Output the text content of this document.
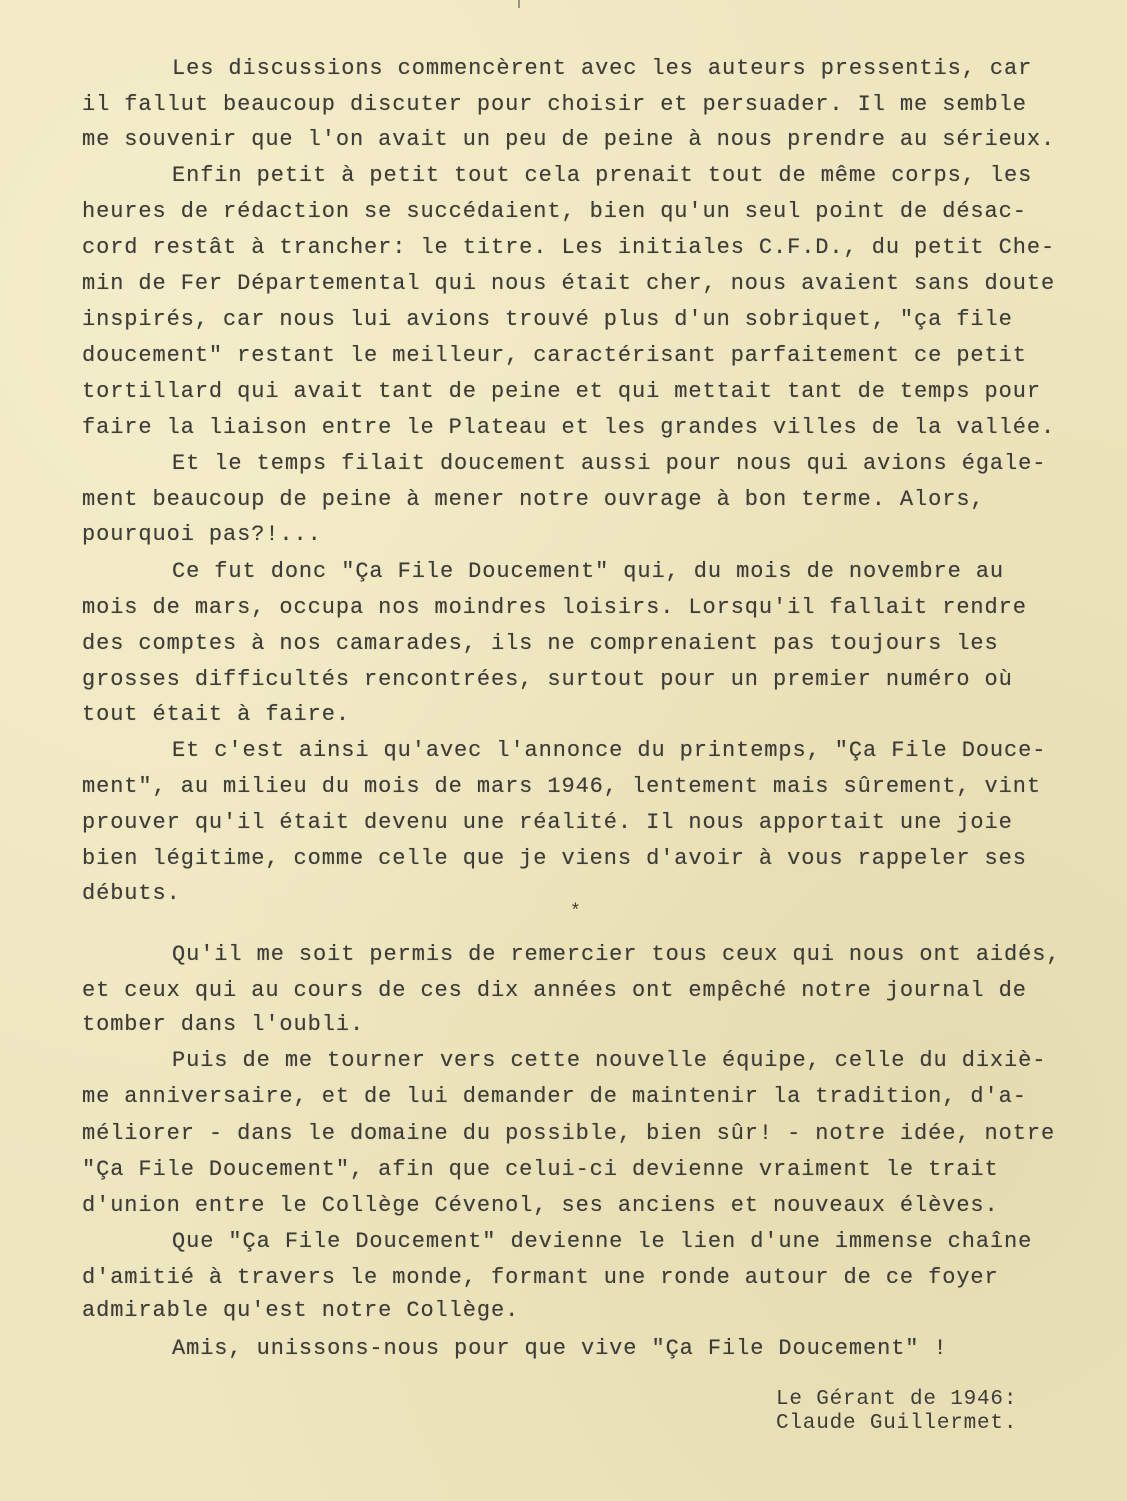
Les discussions commencèrent avec les auteurs pressentis, car
il fallut beaucoup discuter pour choisir et persuader. Il me semble
me souvenir que l'on avait un peu de peine à nous prendre au sérieux.
Enfin petit à petit tout cela prenait tout de même corps, les
heures de rédaction se succédaient, bien qu'un seul point de désac-
cord restât à trancher: le titre. Les initiales C.F.D., du petit Che-
min de Fer Départemental qui nous était cher, nous avaient sans doute
inspirés, car nous lui avions trouvé plus d'un sobriquet, "ça file
doucement" restant le meilleur, caractérisant parfaitement ce petit
tortillard qui avait tant de peine et qui mettait tant de temps pour
faire la liaison entre le Plateau et les grandes villes de la vallée.
Et le temps filait doucement aussi pour nous qui avions égale-
ment beaucoup de peine à mener notre ouvrage à bon terme. Alors,
pourquoi pas?!...
Ce fut donc "Ça File Doucement" qui, du mois de novembre au
mois de mars, occupa nos moindres loisirs. Lorsqu'il fallait rendre
des comptes à nos camarades, ils ne comprenaient pas toujours les
grosses difficultés rencontrées, surtout pour un premier numéro où
tout était à faire.
Et c'est ainsi qu'avec l'annonce du printemps, "Ça File Douce-
ment", au milieu du mois de mars 1946, lentement mais sûrement, vint
prouver qu'il était devenu une réalité. Il nous apportait une joie
bien légitime, comme celle que je viens d'avoir à vous rappeler ses
débuts.
*
Qu'il me soit permis de remercier tous ceux qui nous ont aidés,
et ceux qui au cours de ces dix années ont empêché notre journal de
tomber dans l'oubli.
Puis de me tourner vers cette nouvelle équipe, celle du dixiè-
me anniversaire, et de lui demander de maintenir la tradition, d'a-
méliorer - dans le domaine du possible, bien sûr! - notre idée, notre
"Ça File Doucement", afin que celui-ci devienne vraiment le trait
d'union entre le Collège Cévenol, ses anciens et nouveaux élèves.
Que "Ça File Doucement" devienne le lien d'une immense chaîne
d'amitié à travers le monde, formant une ronde autour de ce foyer
admirable qu'est notre Collège.
Amis, unissons-nous pour que vive "Ça File Doucement" !
Le Gérant de 1946:
Claude Guillermet.
